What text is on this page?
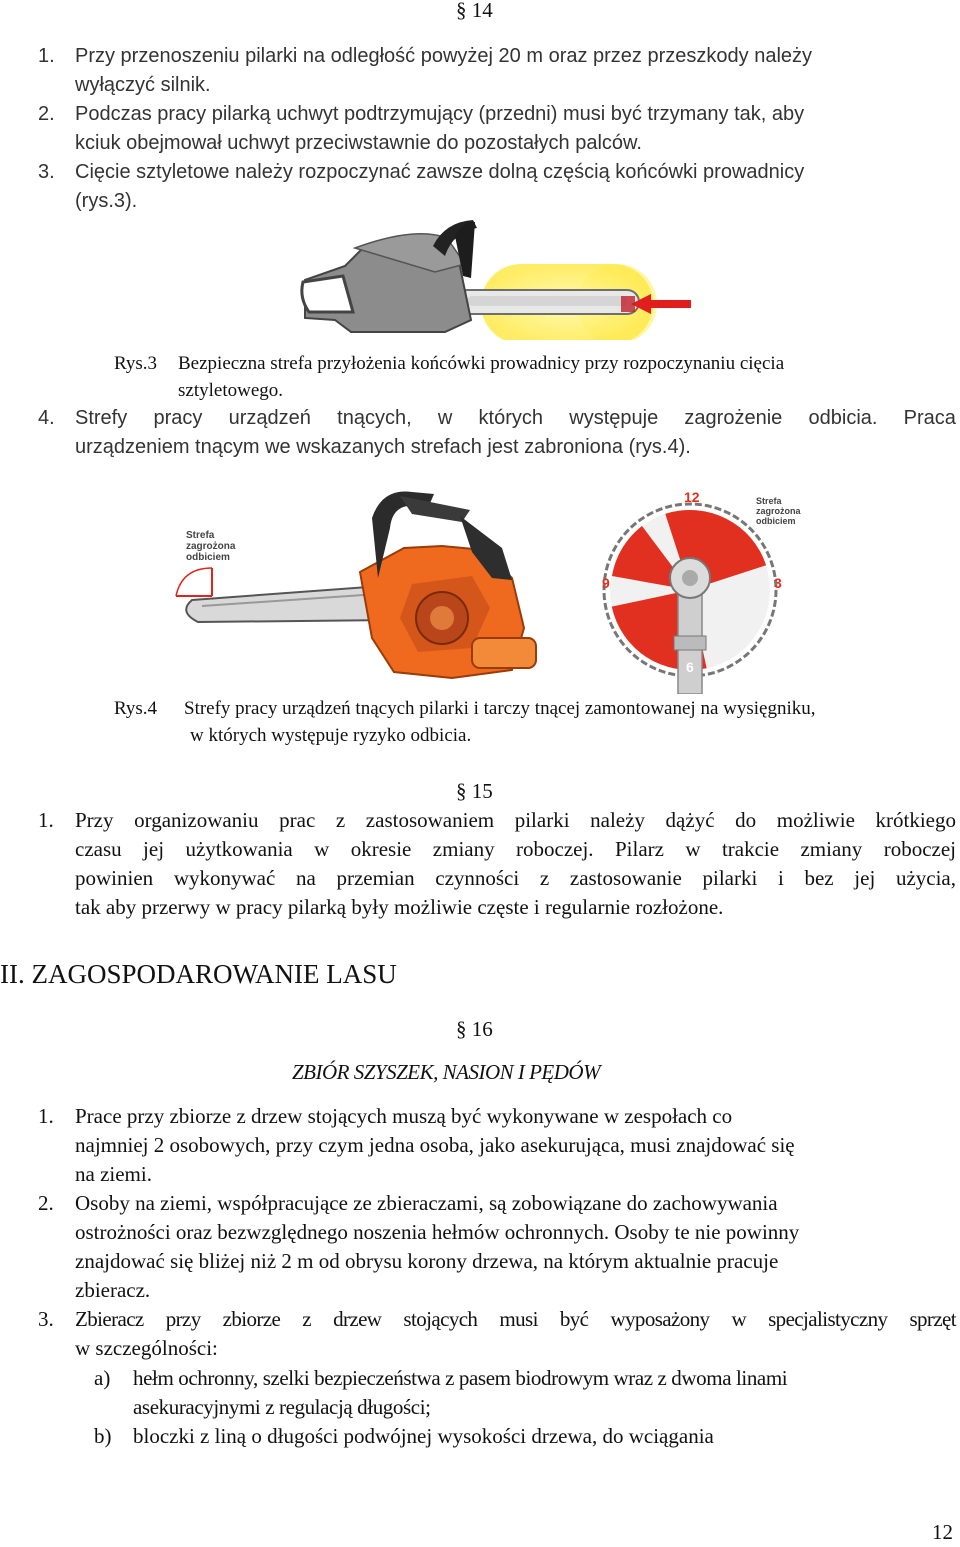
§ 14
1. Przy przenoszeniu pilarki na odległość powyżej 20 m oraz przez przeszkody należy
wyłączyć silnik.
2. Podczas pracy pilarką uchwyt podtrzymujący (przedni) musi być trzymany tak, aby
kciuk obejmował uchwyt przeciwstawnie do pozostałych palców.
3. Cięcie sztyletowe należy rozpoczynać zawsze dolną częścią końcówki prowadnicy
(rys.3).
Rys.3 Bezpieczna strefa przyłożenia końcówki prowadnicy przy rozpoczynaniu cięcia
sztyletowego.
4. Strefy pracy urządzeń tnących, w których występuje zagrożenie odbicia. Praca
urządzeniem tnącym we wskazanych strefach jest zabroniona (rys.4).
Strefa
zagrożona
odbiciem
12
3
6
9
Strefa
zagrożona
odbiciem
Rys.4 Strefy pracy urządzeń tnących pilarki i tarczy tnącej zamontowanej na wysięgniku,
w których występuje ryzyko odbicia.
§ 15
1. Przy organizowaniu prac z zastosowaniem pilarki należy dążyć do możliwie krótkiego
czasu jej użytkowania w okresie zmiany roboczej. Pilarz w trakcie zmiany roboczej
powinien wykonywać na przemian czynności z zastosowanie pilarki i bez jej użycia,
tak aby przerwy w pracy pilarką były możliwie częste i regularnie rozłożone.
II. ZAGOSPODAROWANIE LASU
§ 16
ZBIÓR SZYSZEK, NASION I PĘDÓW
1. Prace przy zbiorze z drzew stojących muszą być wykonywane w zespołach co
najmniej 2 osobowych, przy czym jedna osoba, jako asekurująca, musi znajdować się
na ziemi.
2. Osoby na ziemi, współpracujące ze zbieraczami, są zobowiązane do zachowywania
ostrożności oraz bezwzględnego noszenia hełmów ochronnych. Osoby te nie powinny
znajdować się bliżej niż 2 m od obrysu korony drzewa, na którym aktualnie pracuje
zbieracz.
3. Zbieracz przy zbiorze z drzew stojących musi być wyposażony w specjalistyczny sprzęt
w szczególności:
a) hełm ochronny, szelki bezpieczeństwa z pasem biodrowym wraz z dwoma linami
asekuracyjnymi z regulacją długości;
b) bloczki z liną o długości podwójnej wysokości drzewa, do wciągania
12
